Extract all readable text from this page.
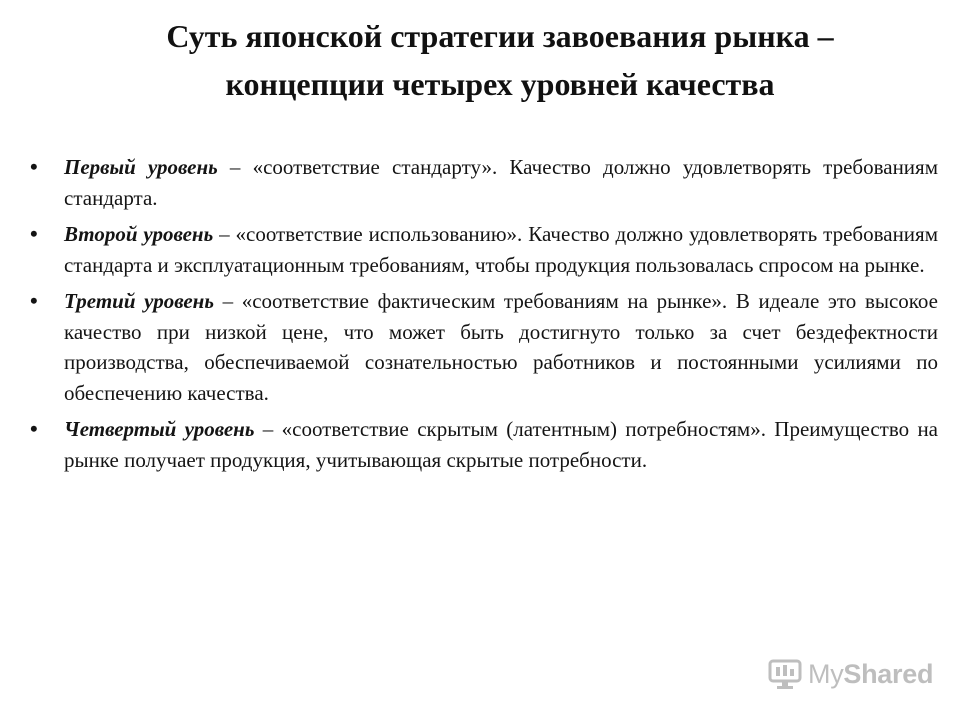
Суть японской стратегии завоевания рынка –
концепции четырех уровней качества
• Первый уровень – «соответствие стандарту». Качество должно удовлетворять требованиям стандарта.
• Второй уровень – «соответствие использованию». Качество должно удовлетворять требованиям стандарта и эксплуатационным требованиям, чтобы продукция пользовалась спросом на рынке.
• Третий уровень – «соответствие фактическим требованиям на рынке». В идеале это высокое качество при низкой цене, что может быть достигнуто только за счет бездефектности производства, обеспечиваемой сознательностью работников и постоянными усилиями по обеспечению качества.
• Четвертый уровень – «соответствие скрытым (латентным) потребностям». Преимущество на рынке получает продукция, учитывающая скрытые потребности.
MyShared
